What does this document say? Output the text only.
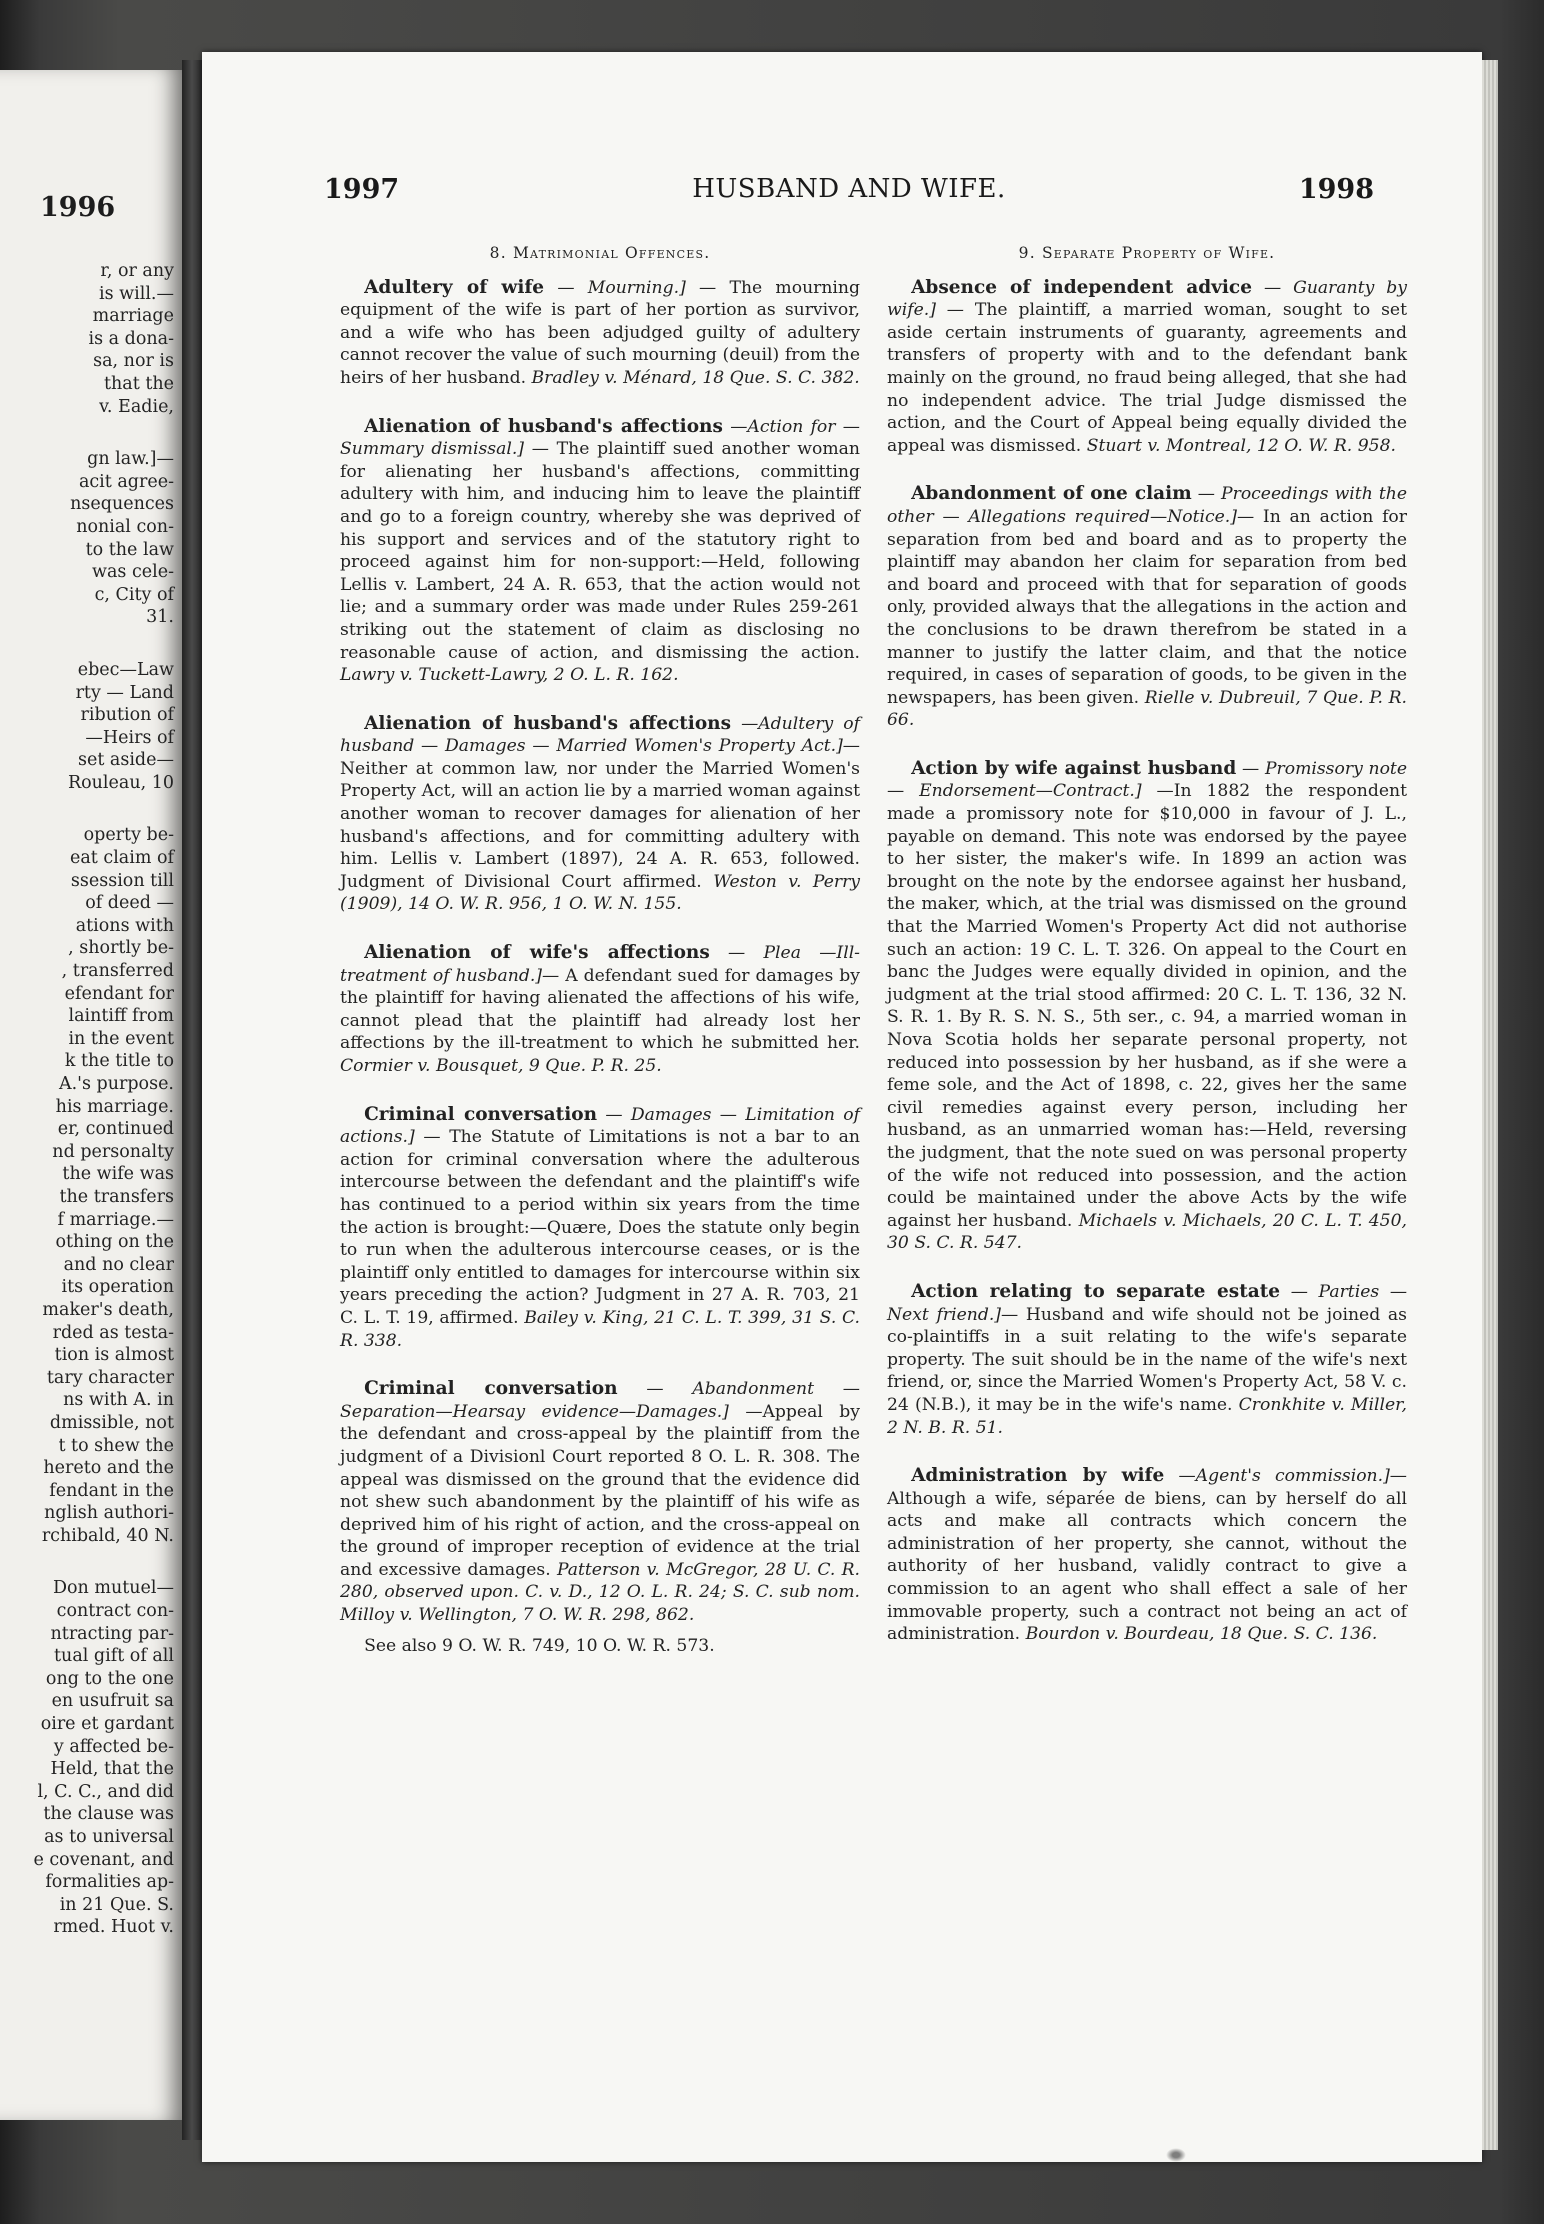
1996
r, or any
is will.—
marriage
is a dona-
sa, nor is
that the
v. Eadie,
gn law.]—
acit agree-
nsequences
nonial con-
to the law
was cele-
c, City of
31.
ebec—Law
rty — Land
ribution of
—Heirs of
set aside—
Rouleau, 10
operty be-
eat claim of
ssession till
of deed —
ations with
, shortly be-
, transferred
efendant for
laintiff from
in the event
k the title to
A.'s purpose.
his marriage.
er, continued
nd personalty
the wife was
the transfers
f marriage.—
othing on the
and no clear
its operation
maker's death,
rded as testa-
tion is almost
tary character
ns with A. in
dmissible, not
t to shew the
hereto and the
fendant in the
nglish authori-
rchibald, 40 N.
Don mutuel—
contract con-
ntracting par-
tual gift of all
ong to the one
en usufruit sa
oire et gardant
y affected be-
Held, that the
l, C. C., and did
the clause was
as to universal
e covenant, and
formalities ap-
in 21 Que. S.
rmed. Huot v.
1997	HUSBAND AND WIFE.	1998
8. Matrimonial Offences.
Adultery of wife — Mourning.] — The mourning equipment of the wife is part of her portion as survivor, and a wife who has been adjudged guilty of adultery cannot recover the value of such mourning (deuil) from the heirs of her husband. Bradley v. Ménard, 18 Que. S. C. 382.
Alienation of husband's affections —Action for — Summary dismissal.] — The plaintiff sued another woman for alienating her husband's affections, committing adultery with him, and inducing him to leave the plaintiff and go to a foreign country, whereby she was deprived of his support and services and of the statutory right to proceed against him for non-support:—Held, following Lellis v. Lambert, 24 A. R. 653, that the action would not lie; and a summary order was made under Rules 259-261 striking out the statement of claim as disclosing no reasonable cause of action, and dismissing the action. Lawry v. Tuckett-Lawry, 2 O. L. R. 162.
Alienation of husband's affections —Adultery of husband — Damages — Married Women's Property Act.]— Neither at common law, nor under the Married Women's Property Act, will an action lie by a married woman against another woman to recover damages for alienation of her husband's affections, and for committing adultery with him. Lellis v. Lambert (1897), 24 A. R. 653, followed. Judgment of Divisional Court affirmed. Weston v. Perry (1909), 14 O. W. R. 956, 1 O. W. N. 155.
Alienation of wife's affections — Plea —Ill-treatment of husband.]— A defendant sued for damages by the plaintiff for having alienated the affections of his wife, cannot plead that the plaintiff had already lost her affections by the ill-treatment to which he submitted her. Cormier v. Bousquet, 9 Que. P. R. 25.
Criminal conversation — Damages — Limitation of actions.] — The Statute of Limitations is not a bar to an action for criminal conversation where the adulterous intercourse between the defendant and the plaintiff's wife has continued to a period within six years from the time the action is brought:—Quære, Does the statute only begin to run when the adulterous intercourse ceases, or is the plaintiff only entitled to damages for intercourse within six years preceding the action? Judgment in 27 A. R. 703, 21 C. L. T. 19, affirmed. Bailey v. King, 21 C. L. T. 399, 31 S. C. R. 338.
Criminal conversation — Abandonment —Separation—Hearsay evidence—Damages.] —Appeal by the defendant and cross-appeal by the plaintiff from the judgment of a Divisionl Court reported 8 O. L. R. 308. The appeal was dismissed on the ground that the evidence did not shew such abandonment by the plaintiff of his wife as deprived him of his right of action, and the cross-appeal on the ground of improper reception of evidence at the trial and excessive damages. Patterson v. McGregor, 28 U. C. R. 280, observed upon. C. v. D., 12 O. L. R. 24; S. C. sub nom. Milloy v. Wellington, 7 O. W. R. 298, 862.
See also 9 O. W. R. 749, 10 O. W. R. 573.
9. Separate Property of Wife.
Absence of independent advice — Guaranty by wife.] — The plaintiff, a married woman, sought to set aside certain instruments of guaranty, agreements and transfers of property with and to the defendant bank mainly on the ground, no fraud being alleged, that she had no independent advice. The trial Judge dismissed the action, and the Court of Appeal being equally divided the appeal was dismissed. Stuart v. Montreal, 12 O. W. R. 958.
Abandonment of one claim — Proceedings with the other — Allegations required—Notice.]— In an action for separation from bed and board and as to property the plaintiff may abandon her claim for separation from bed and board and proceed with that for separation of goods only, provided always that the allegations in the action and the conclusions to be drawn therefrom be stated in a manner to justify the latter claim, and that the notice required, in cases of separation of goods, to be given in the newspapers, has been given. Rielle v. Dubreuil, 7 Que. P. R. 66.
Action by wife against husband — Promissory note — Endorsement—Contract.] —In 1882 the respondent made a promissory note for $10,000 in favour of J. L., payable on demand. This note was endorsed by the payee to her sister, the maker's wife. In 1899 an action was brought on the note by the endorsee against her husband, the maker, which, at the trial was dismissed on the ground that the Married Women's Property Act did not authorise such an action: 19 C. L. T. 326. On appeal to the Court en banc the Judges were equally divided in opinion, and the judgment at the trial stood affirmed: 20 C. L. T. 136, 32 N. S. R. 1. By R. S. N. S., 5th ser., c. 94, a married woman in Nova Scotia holds her separate personal property, not reduced into possession by her husband, as if she were a feme sole, and the Act of 1898, c. 22, gives her the same civil remedies against every person, including her husband, as an unmarried woman has:—Held, reversing the judgment, that the note sued on was personal property of the wife not reduced into possession, and the action could be maintained under the above Acts by the wife against her husband. Michaels v. Michaels, 20 C. L. T. 450, 30 S. C. R. 547.
Action relating to separate estate — Parties — Next friend.]— Husband and wife should not be joined as co-plaintiffs in a suit relating to the wife's separate property. The suit should be in the name of the wife's next friend, or, since the Married Women's Property Act, 58 V. c. 24 (N.B.), it may be in the wife's name. Cronkhite v. Miller, 2 N. B. R. 51.
Administration by wife —Agent's commission.]— Although a wife, séparée de biens, can by herself do all acts and make all contracts which concern the administration of her property, she cannot, without the authority of her husband, validly contract to give a commission to an agent who shall effect a sale of her immovable property, such a contract not being an act of administration. Bourdon v. Bourdeau, 18 Que. S. C. 136.
